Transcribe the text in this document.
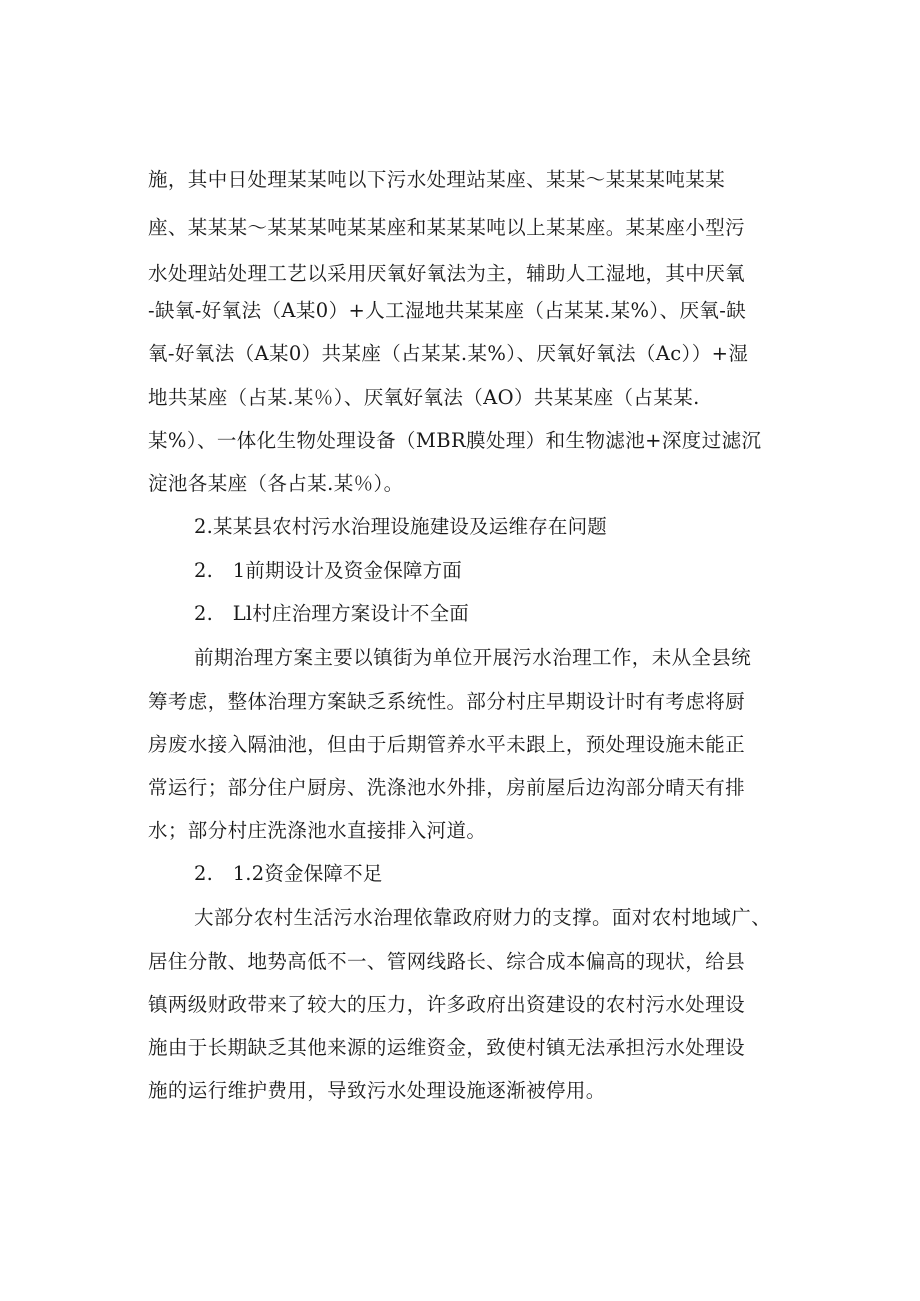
施，其中日处理某某吨以下污水处理站某座、某某～某某某吨某某
座、某某某～某某某吨某某座和某某某吨以上某某座。某某座小型污
水处理站处理工艺以采用厌氧好氧法为主，辅助人工湿地，其中厌氧
-缺氧-好氧法（A某0）+人工湿地共某某座（占某某.某%）、厌氧-缺
氧-好氧法（A某0）共某座（占某某.某%）、厌氧好氧法（Ac））+湿
地共某座（占某.某％）、厌氧好氧法（AO）共某某座（占某某.
某%）、一体化生物处理设备（MBR膜处理）和生物滤池+深度过滤沉
淀池各某座（各占某.某％）。
2.某某县农村污水治理设施建设及运维存在问题
2.　1前期设计及资金保障方面
2.　Ll村庄治理方案设计不全面
前期治理方案主要以镇街为单位开展污水治理工作，未从全县统
筹考虑，整体治理方案缺乏系统性。部分村庄早期设计时有考虑将厨
房废水接入隔油池，但由于后期管养水平未跟上，预处理设施未能正
常运行；部分住户厨房、洗涤池水外排，房前屋后边沟部分晴天有排
水；部分村庄洗涤池水直接排入河道。
2.　1.2资金保障不足
大部分农村生活污水治理依靠政府财力的支撑。面对农村地域广、
居住分散、地势高低不一、管网线路长、综合成本偏高的现状，给县
镇两级财政带来了较大的压力，许多政府出资建设的农村污水处理设
施由于长期缺乏其他来源的运维资金，致使村镇无法承担污水处理设
施的运行维护费用，导致污水处理设施逐渐被停用。
